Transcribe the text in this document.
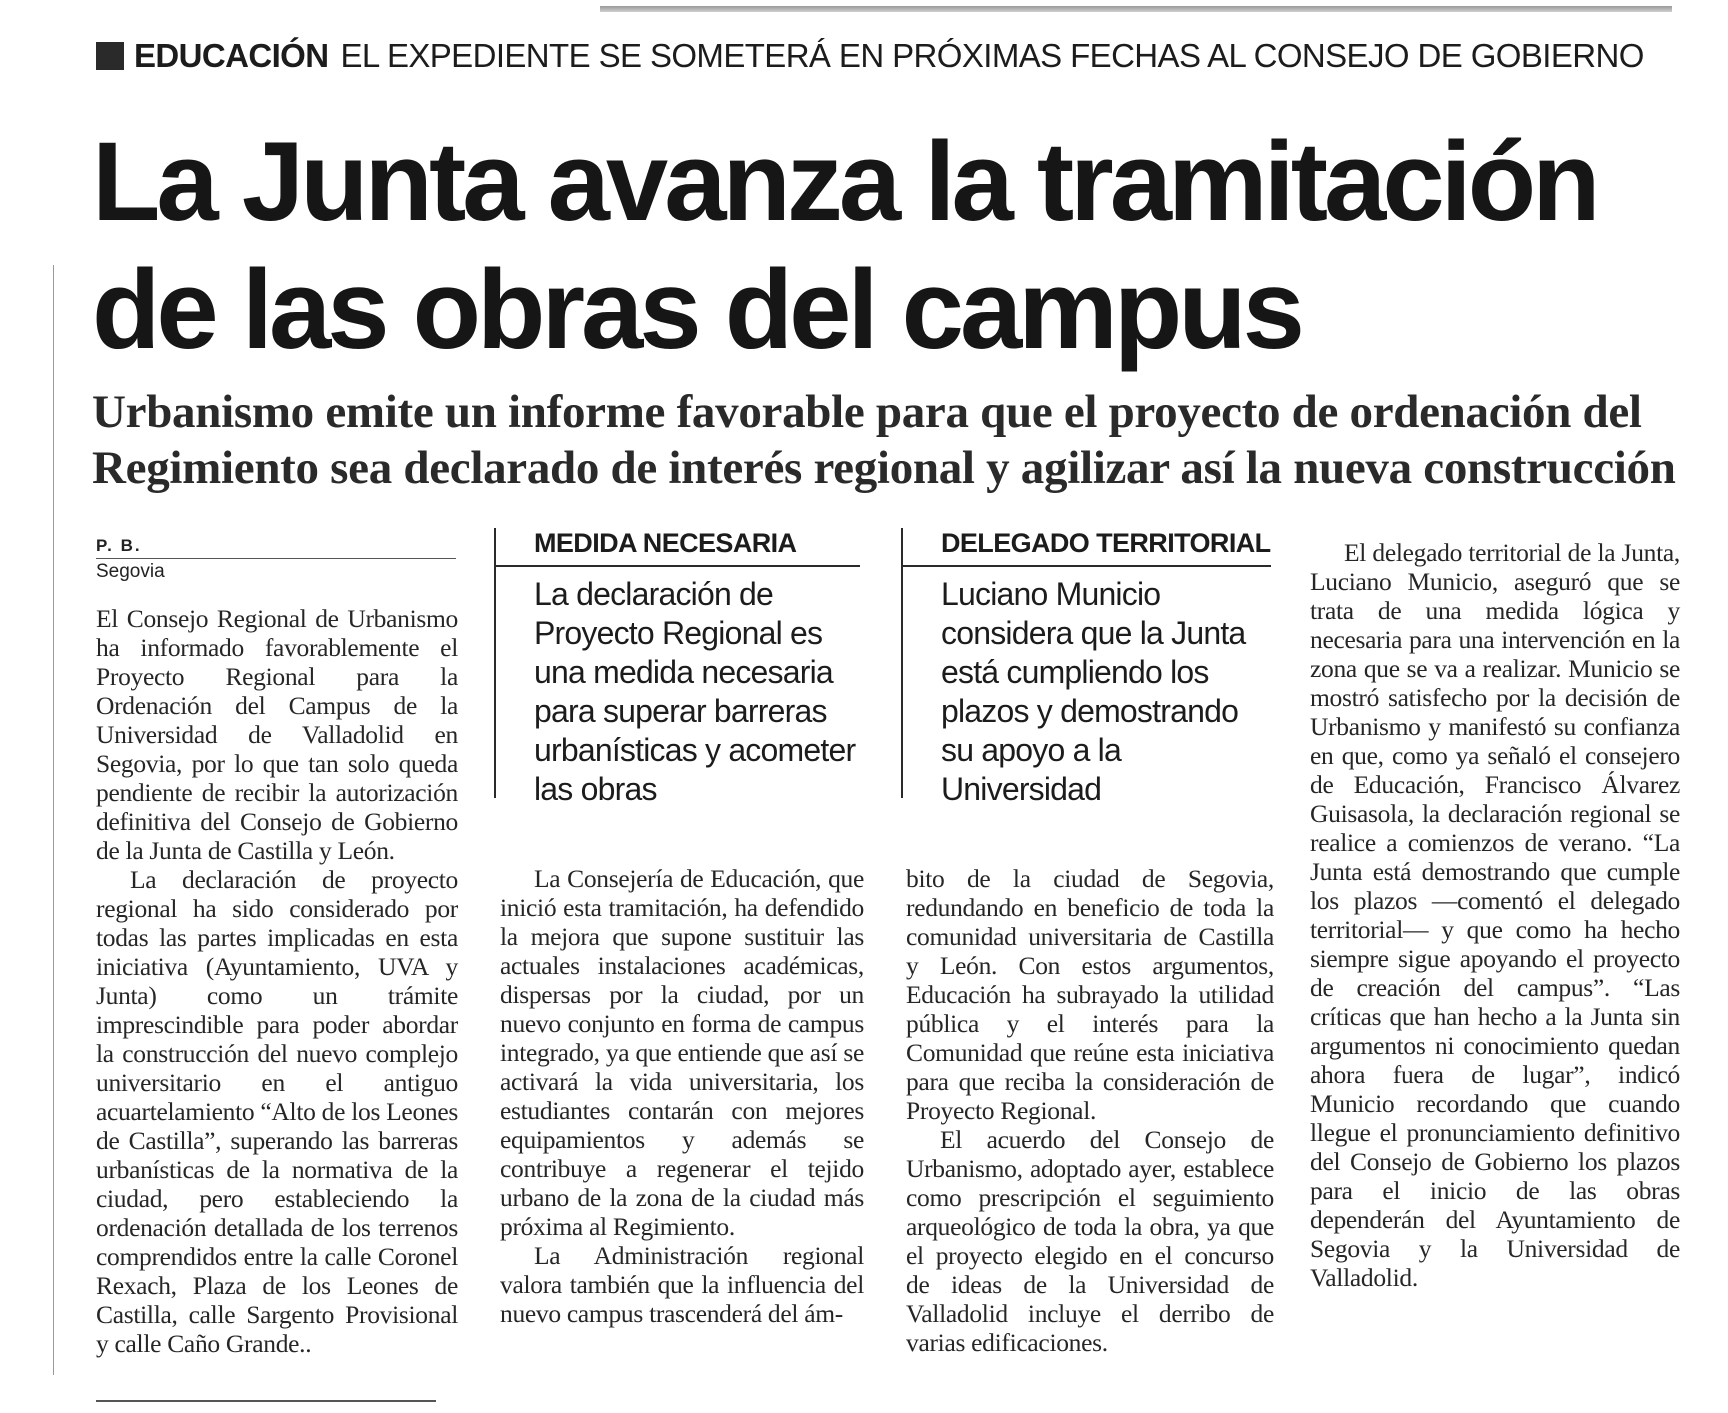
EDUCACIÓN EL EXPEDIENTE SE SOMETERÁ EN PRÓXIMAS FECHAS AL CONSEJO DE GOBIERNO
La Junta avanza la tramitación
de las obras del campus
Urbanismo emite un informe favorable para que el proyecto de ordenación del
Regimiento sea declarado de interés regional y agilizar así la nueva construcción
P. B.
Segovia

El Consejo Regional de Urbanismo ha informado favorablemente el Proyecto Regional para la Ordenación del Campus de la Universidad de Valladolid en Segovia, por lo que tan solo queda pendiente de recibir la autorización definitiva del Consejo de Gobierno de la Junta de Castilla y León.

La declaración de proyecto regional ha sido considerado por todas las partes implicadas en esta iniciativa (Ayuntamiento, UVA y Junta) como un trámite imprescindible para poder abordar la construcción del nuevo complejo universitario en el antiguo acuartelamiento “Alto de los Leones de Castilla”, superando las barreras urbanísticas de la normativa de la ciudad, pero estableciendo la ordenación detallada de los terrenos comprendidos entre la calle Coronel Rexach, Plaza de los Leones de Castilla, calle Sargento Provisional y calle Caño Grande..

MEDIDA NECESARIA
La declaración de Proyecto Regional es una medida necesaria para superar barreras urbanísticas y acometer las obras
DELEGADO TERRITORIAL
Luciano Municio considera que la Junta está cumpliendo los plazos y demostrando su apoyo a la Universidad

La Consejería de Educación, que inició esta tramitación, ha defendido la mejora que supone sustituir las actuales instalaciones académicas, dispersas por la ciudad, por un nuevo conjunto en forma de campus integrado, ya que entiende que así se activará la vida universitaria, los estudiantes contarán con mejores equipamientos y además se contribuye a regenerar el tejido urbano de la zona de la ciudad más próxima al Regimiento.

La Administración regional valora también que la influencia del nuevo campus trascenderá del ám-

bito de la ciudad de Segovia, redundando en beneficio de toda la comunidad universitaria de Castilla y León. Con estos argumentos, Educación ha subrayado la utilidad pública y el interés para la Comunidad que reúne esta iniciativa para que reciba la consideración de Proyecto Regional.

El acuerdo del Consejo de Urbanismo, adoptado ayer, establece como prescripción el seguimiento arqueológico de toda la obra, ya que el proyecto elegido en el concurso de ideas de la Universidad de Valladolid incluye el derribo de varias edificaciones.

El delegado territorial de la Junta, Luciano Municio, aseguró que se trata de una medida lógica y necesaria para una intervención en la zona que se va a realizar. Municio se mostró satisfecho por la decisión de Urbanismo y manifestó su confianza en que, como ya señaló el consejero de Educación, Francisco Álvarez Guisasola, la declaración regional se realice a comienzos de verano. “La Junta está demostrando que cumple los plazos —comentó el delegado territorial— y que como ha hecho siempre sigue apoyando el proyecto de creación del campus”. “Las críticas que han hecho a la Junta sin argumentos ni conocimiento quedan ahora fuera de lugar”, indicó Municio recordando que cuando llegue el pronunciamiento definitivo del Consejo de Gobierno los plazos para el inicio de las obras dependerán del Ayuntamiento de Segovia y la Universidad de Valladolid.
